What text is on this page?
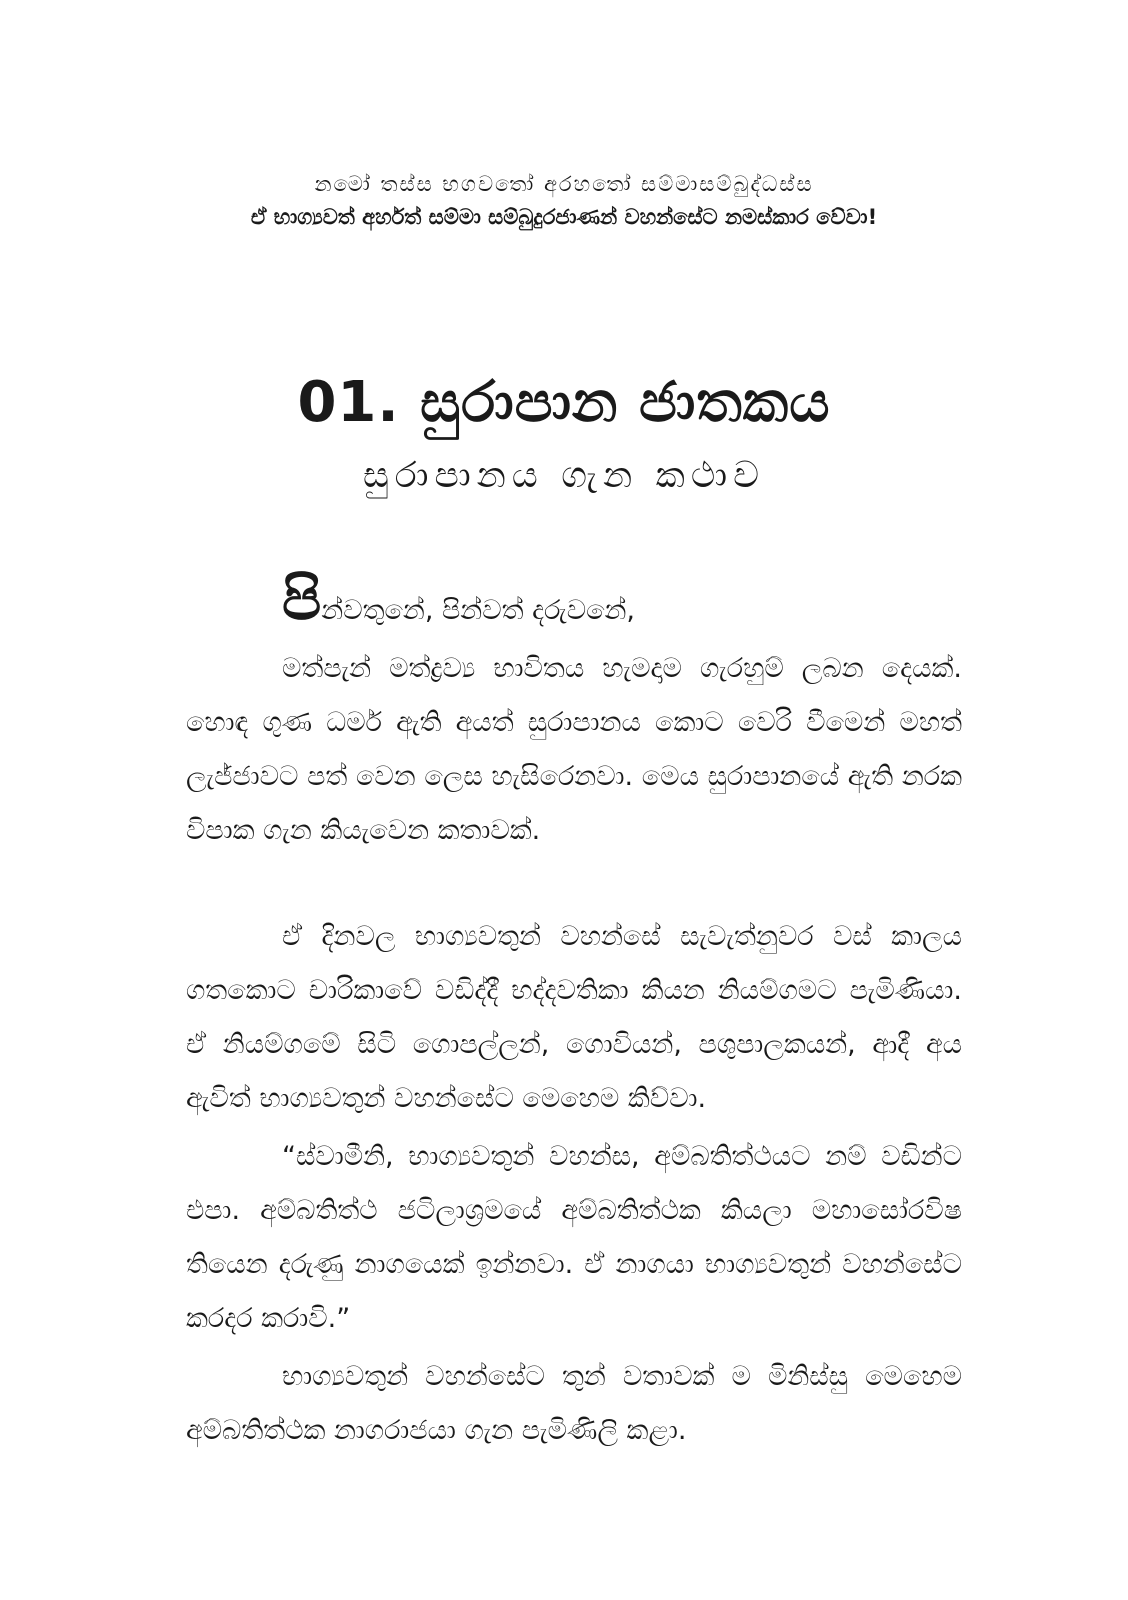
නමෝ තස්ස භගවතෝ අරහතෝ සම්මාසම්බුද්ධස්ස
ඒ භාග්‍යවත් අර්හත් සම්මා සම්බුදුරජාණන් වහන්සේට නමස්කාර වේවා!
01. සුරාපාන ජාතකය
සුරාපානය ගැන කථාව
පින්වතුනේ, පින්වත් දරුවනේ,

මත්පැන් මත්ද්‍රව්‍ය භාවිතය හැමදාම ගැරහුම් ලබන දෙයක්. හොඳ ගුණ ධර්ම ඇති අයත් සුරාපානය කොට වෙරි වීමෙන් මහත් ලැජ්ජාවට පත් වෙන ලෙස හැසිරෙනවා. මෙය සුරාපානයේ ඇති නරක විපාක ගැන කියැවෙන කතාවක්.

ඒ දිනවල භාග්‍යවතුන් වහන්සේ සැවැත්නුවර වස් කාලය ගතකොට චාරිකාවේ වඩිද්දී භද්දවතිකා කියන නියම්ගමට පැමිණියා. ඒ නියම්ගමේ සිටි ගොපල්ලන්, ගොවියන්, පශුපාලකයන්, ආදී අය ඇවිත් භාග්‍යවතුන් වහන්සේට මෙහෙම කිව්වා.

“ස්වාමීනි, භාග්‍යවතුන් වහන්ස, අම්බතිත්ථයට නම් වඩින්ට එපා. අම්බතිත්ථ ජටිලාශ්‍රමයේ අම්බතිත්ථක කියලා මහාසෝරවිෂ තියෙන දරුණු නාගයෙක් ඉන්නවා. ඒ නාගයා භාග්‍යවතුන් වහන්සේට කරදර කරාවි.”

භාග්‍යවතුන් වහන්සේට තුන් වතාවක් ම මිනිස්සු මෙහෙම අම්බතිත්ථක නාගරාජයා ගැන පැමිණිලි කළා.
